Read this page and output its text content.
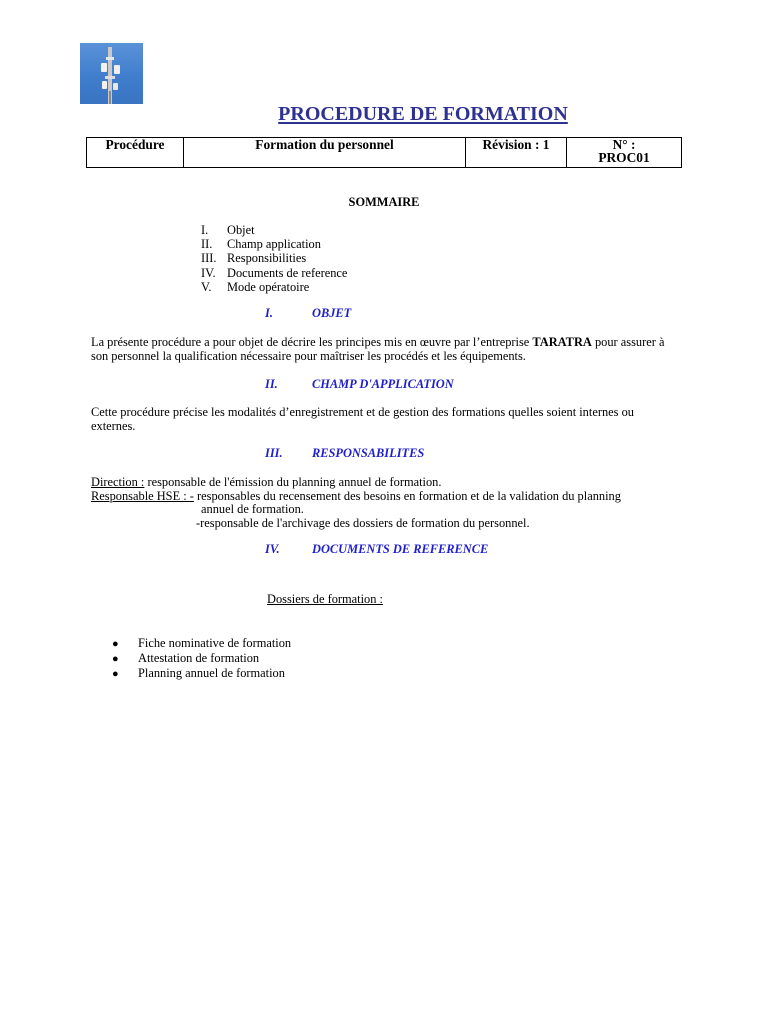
PROCEDURE DE FORMATION
Procédure	Formation du personnel	Révision : 1	N° :
PROC01
SOMMAIRE
I. Objet
II. Champ application
III. Responsibilities
IV. Documents de reference
V. Mode opératoire
I.	OBJET
La présente procédure a pour objet de décrire les principes mis en œuvre par l’entreprise TARATRA pour assurer à son personnel la qualification nécessaire pour maîtriser les procédés et les équipements.
II.	CHAMP D'APPLICATION
Cette procédure précise les modalités d’enregistrement et de gestion des formations quelles soient internes ou externes.
III. RESPONSABILITES
Direction : responsable de l'émission du planning annuel de formation.
Responsable HSE : - responsables du recensement des besoins en formation et de la validation du planning
annuel de formation.
-responsable de l'archivage des dossiers de formation du personnel.
IV.	DOCUMENTS DE REFERENCE
Dossiers de formation :
● Fiche nominative de formation
● Attestation de formation
● Planning annuel de formation
